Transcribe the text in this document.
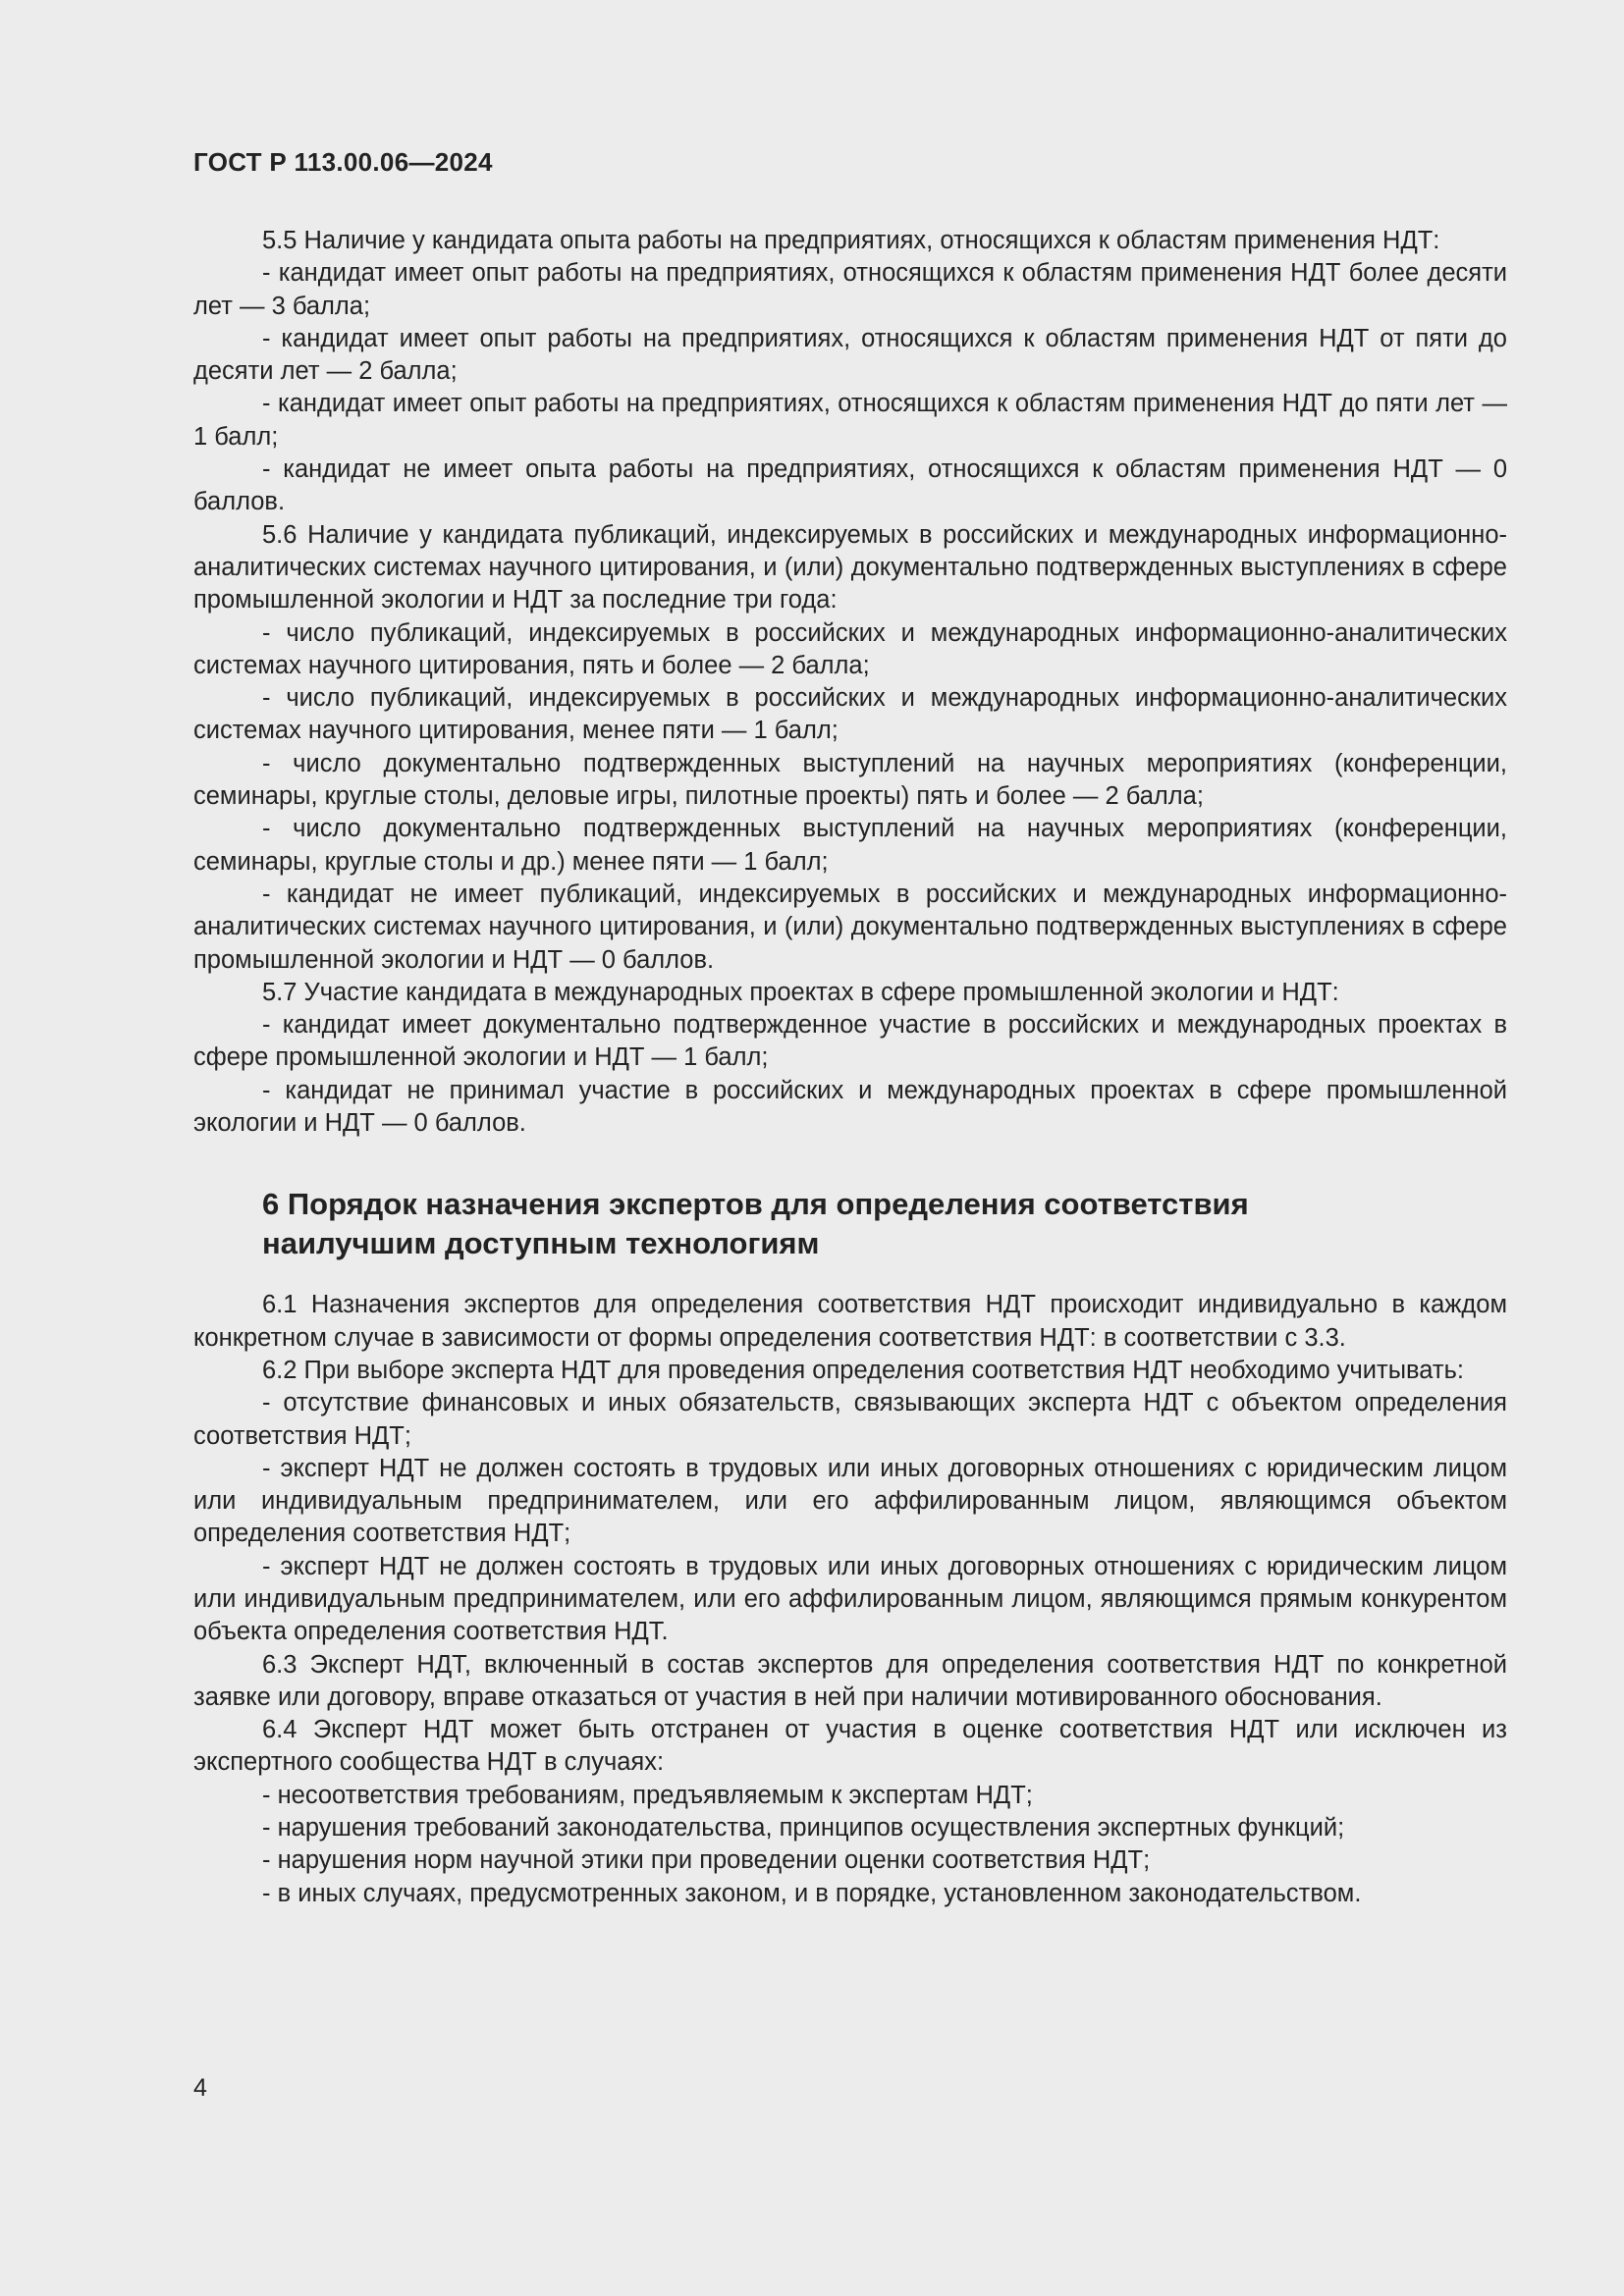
ГОСТ Р 113.00.06—2024

5.5 Наличие у кандидата опыта работы на предприятиях, относящихся к областям применения НДТ:

- кандидат имеет опыт работы на предприятиях, относящихся к областям применения НДТ более десяти лет — 3 балла;

- кандидат имеет опыт работы на предприятиях, относящихся к областям применения НДТ от пяти до десяти лет — 2 балла;

- кандидат имеет опыт работы на предприятиях, относящихся к областям применения НДТ до пяти лет — 1 балл;

- кандидат не имеет опыта работы на предприятиях, относящихся к областям применения НДТ — 0 баллов.

5.6 Наличие у кандидата публикаций, индексируемых в российских и международных информационно-аналитических системах научного цитирования, и (или) документально подтвержденных выступлениях в сфере промышленной экологии и НДТ за последние три года:

- число публикаций, индексируемых в российских и международных информационно-аналитических системах научного цитирования, пять и более — 2 балла;

- число публикаций, индексируемых в российских и международных информационно-аналитических системах научного цитирования, менее пяти — 1 балл;

- число документально подтвержденных выступлений на научных мероприятиях (конференции, семинары, круглые столы, деловые игры, пилотные проекты) пять и более — 2 балла;

- число документально подтвержденных выступлений на научных мероприятиях (конференции, семинары, круглые столы и др.) менее пяти — 1 балл;

- кандидат не имеет публикаций, индексируемых в российских и международных информационно-аналитических системах научного цитирования, и (или) документально подтвержденных выступлениях в сфере промышленной экологии и НДТ — 0 баллов.

5.7 Участие кандидата в международных проектах в сфере промышленной экологии и НДТ:

- кандидат имеет документально подтвержденное участие в российских и международных проектах в сфере промышленной экологии и НДТ — 1 балл;

- кандидат не принимал участие в российских и международных проектах в сфере промышленной экологии и НДТ — 0 баллов.

6 Порядок назначения экспертов для определения соответствия
наилучшим доступным технологиям

6.1 Назначения экспертов для определения соответствия НДТ происходит индивидуально в каждом конкретном случае в зависимости от формы определения соответствия НДТ: в соответствии с 3.3.

6.2 При выборе эксперта НДТ для проведения определения соответствия НДТ необходимо учитывать:

- отсутствие финансовых и иных обязательств, связывающих эксперта НДТ с объектом определения соответствия НДТ;

- эксперт НДТ не должен состоять в трудовых или иных договорных отношениях с юридическим лицом или индивидуальным предпринимателем, или его аффилированным лицом, являющимся объектом определения соответствия НДТ;

- эксперт НДТ не должен состоять в трудовых или иных договорных отношениях с юридическим лицом или индивидуальным предпринимателем, или его аффилированным лицом, являющимся прямым конкурентом объекта определения соответствия НДТ.

6.3 Эксперт НДТ, включенный в состав экспертов для определения соответствия НДТ по конкретной заявке или договору, вправе отказаться от участия в ней при наличии мотивированного обоснования.

6.4 Эксперт НДТ может быть отстранен от участия в оценке соответствия НДТ или исключен из экспертного сообщества НДТ в случаях:

- несоответствия требованиям, предъявляемым к экспертам НДТ;

- нарушения требований законодательства, принципов осуществления экспертных функций;

- нарушения норм научной этики при проведении оценки соответствия НДТ;

- в иных случаях, предусмотренных законом, и в порядке, установленном законодательством.

4
